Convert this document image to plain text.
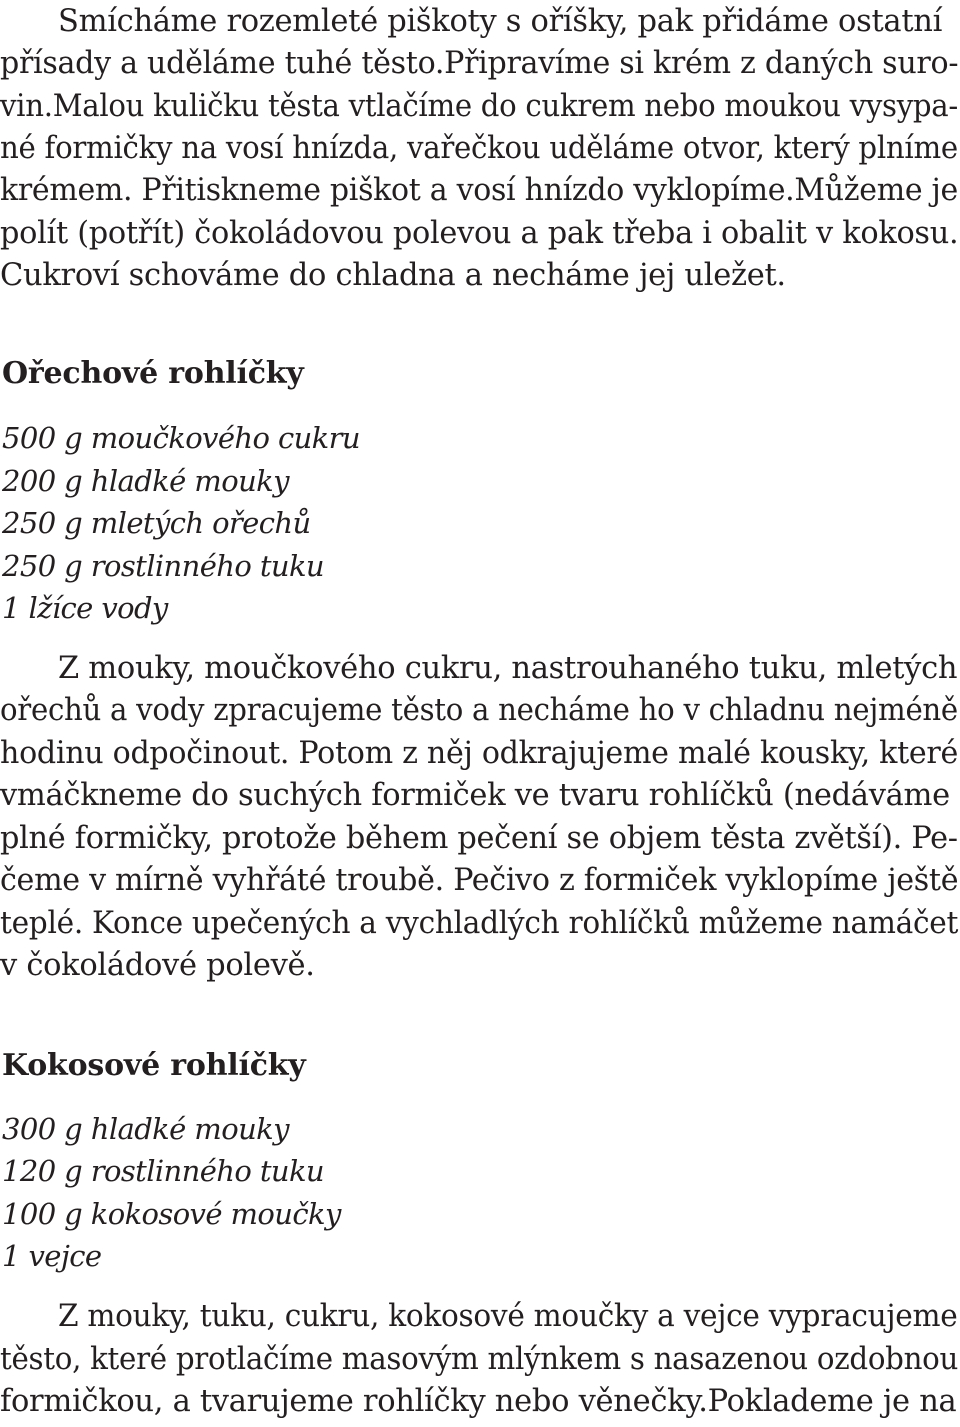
Smícháme rozemleté piškoty s oříšky, pak přidáme ostatní
přísady a uděláme tuhé těsto.Připravíme si krém z daných suro-
vin.Malou kuličku těsta vtlačíme do cukrem nebo moukou vysypa-
né formičky na vosí hnízda, vařečkou uděláme otvor, který plníme
krémem. Přitiskneme piškot a vosí hnízdo vyklopíme.Můžeme je
polít (potřít) čokoládovou polevou a pak třeba i obalit v kokosu.
Cukroví schováme do chladna a necháme jej uležet.
Ořechové rohlíčky
500 g moučkového cukru
200 g hladké mouky
250 g mletých ořechů
250 g rostlinného tuku
1 lžíce vody
Z mouky, moučkového cukru, nastrouhaného tuku, mletých
ořechů a vody zpracujeme těsto a necháme ho v chladnu nejméně
hodinu odpočinout. Potom z něj odkrajujeme malé kousky, které
vmáčkneme do suchých formiček ve tvaru rohlíčků (nedáváme
plné formičky, protože během pečení se objem těsta zvětší). Pe-
čeme v mírně vyhřáté troubě. Pečivo z formiček vyklopíme ještě
teplé. Konce upečených a vychladlých rohlíčků můžeme namáčet
v čokoládové polevě.
Kokosové rohlíčky
300 g hladké mouky
120 g rostlinného tuku
100 g kokosové moučky
1 vejce
Z mouky, tuku, cukru, kokosové moučky a vejce vypracujeme
těsto, které protlačíme masovým mlýnkem s nasazenou ozdobnou
formičkou, a tvarujeme rohlíčky nebo věnečky.Poklademe je na
